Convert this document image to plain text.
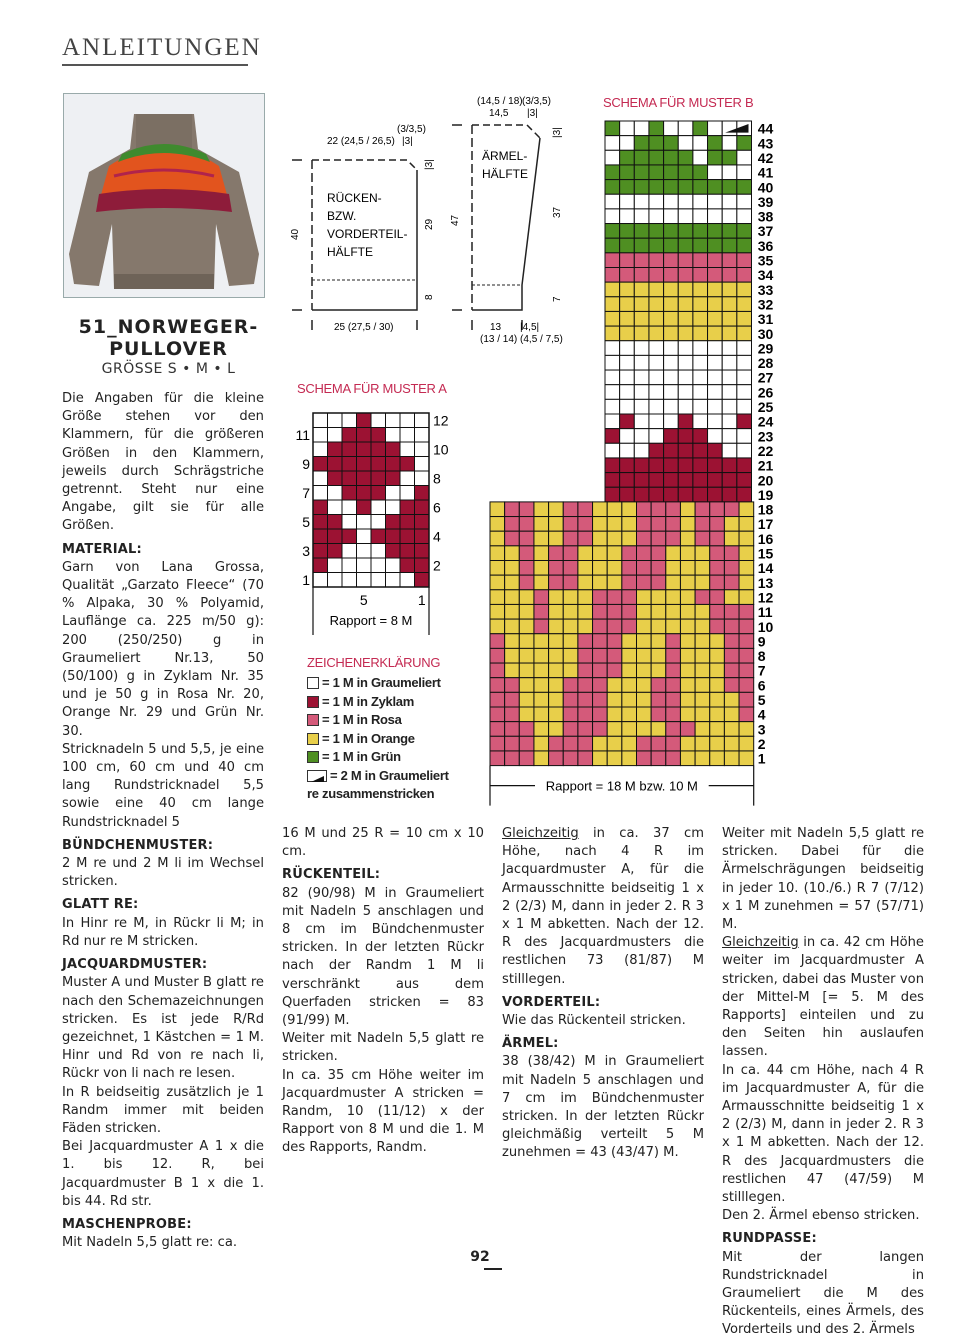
ANLEITUNGEN
51_NORWEGER-
PULLOVER
GRÖSSE S • M • L

Die Angaben für die kleine Größe stehen vor den Klammern, für die größeren Größen in den Klammern, jeweils durch Schrägstriche getrennt. Steht nur eine Angabe, gilt sie für alle Größen.

MATERIAL:

Garn von Lana Grossa, Qualität „Garzato Fleece“ (70 % Alpaka, 30 % Polyamid, Lauflänge ca. 225 m/50 g): 200 (250/250) g in Graumeliert Nr.13, 50 (50/100) g in Zyklam Nr. 35 und je 50 g in Rosa Nr. 20, Orange Nr. 29 und Grün Nr. 30.

Stricknadeln 5 und 5,5, je eine 100 cm, 60 cm und 40 cm lang Rundstricknadel 5,5 sowie eine 40 cm lange Rundstricknadel 5

BÜNDCHENMUSTER:

2 M re und 2 M li im Wechsel stricken.

GLATT RE:

In Hinr re M, in Rückr li M; in Rd nur re M stricken.

JACQUARDMUSTER:

Muster A und Muster B glatt re nach den Schemazeichnungen stricken. Es ist jede R/Rd gezeichnet, 1 Kästchen = 1 M. Hinr und Rd von re nach li, Rückr von li nach re lesen.

In R beidseitig zusätzlich je 1 Randm immer mit beiden Fäden stricken.

Bei Jacquardmuster A 1 x die 1. bis 12. R, bei Jacquardmuster B 1 x die 1. bis 44. Rd str.

MASCHENPROBE:

Mit Nadeln 5,5 glatt re: ca.

16 M und 25 R = 10 cm x 10 cm.

RÜCKENTEIL:

82 (90/98) M in Graumeliert mit Nadeln 5 anschlagen und 8 cm im Bündchenmuster stricken. In der letzten Rückr nach der Randm 1 M li verschränkt aus dem Querfaden stricken = 83 (91/99) M.

Weiter mit Nadeln 5,5 glatt re stricken.

In ca. 35 cm Höhe weiter im Jacquardmuster A stricken = Randm, 10 (11/12) x der Rapport von 8 M und die 1. M des Rapports, Randm.

Gleichzeitig in ca. 37 cm Höhe, nach 4 R im Jacquardmuster A, für die Armausschnitte beidseitig 1 x 2 (2/3) M, dann in jeder 2. R 3 x 1 M abketten. Nach der 12. R des Jacquardmusters die restlichen 73 (81/87) M stilllegen.

VORDERTEIL:

Wie das Rückenteil stricken.

ÄRMEL:

38 (38/42) M in Graumeliert mit Nadeln 5 anschlagen und 7 cm im Bündchenmuster stricken. In der letzten Rückr gleichmäßig verteilt 5 M zunehmen = 43 (43/47) M.

Weiter mit Nadeln 5,5 glatt re stricken. Dabei für die Ärmelschrägungen beidseitig in jeder 10. (10./6.) R 7 (7/12) x 1 M zunehmen = 57 (57/71) M.

Gleichzeitig in ca. 42 cm Höhe weiter im Jacquardmuster A stricken, dabei das Muster von der Mittel-M [= 5. M des Rapports] einteilen und zu den Seiten hin auslaufen lassen.

In ca. 44 cm Höhe, nach 4 R im Jacquardmuster A, für die Armausschnitte beidseitig 1 x 2 (2/3) M, dann in jeder 2. R 3 x 1 M abketten. Nach der 12. R des Jacquardmusters die restlichen 47 (47/59) M stilllegen.

Den 2. Ärmel ebenso stricken.

RUNDPASSE:

Mit der langen Rundstricknadel in Graumeliert die M des Rückenteils, eines Ärmels, des Vorderteils und des 2. Ärmels

RÜCKEN-
BZW.
VORDERTEIL-
HÄLFTE
22 (24,5 / 26,5)
(3/3,5)
|3|
|3|
29
8
40
25 (27,5 / 30)
ÄRMEL-
HÄLFTE
(14,5 / 18)
14,5
(3/3,5)
|3|
|3|
37
7
47
13 |4,5|
(13 / 14) (4,5 / 7,5)
SCHEMA FÜR MUSTER A
11
9
7
5
3
1
12
10
8
6
4
2
5	1
Rapport = 8 M
SCHEMA FÜR MUSTER B
44
43
42
41
40
39
38
37
36
35
34
33
32
31
30
29
28
27
26
25
24
23
22
21
20
19
18
17
16
15
14
13
12
11
10
9
8
7
6
5
4
3
2
1
Rapport = 18 M bzw. 10 M
ZEICHENERKLÄRUNG
= 1 M in Graumeliert
= 1 M in Zyklam
= 1 M in Rosa
= 1 M in Orange
= 1 M in Grün
= 2 M in Graumeliert
re zusammenstricken
92
